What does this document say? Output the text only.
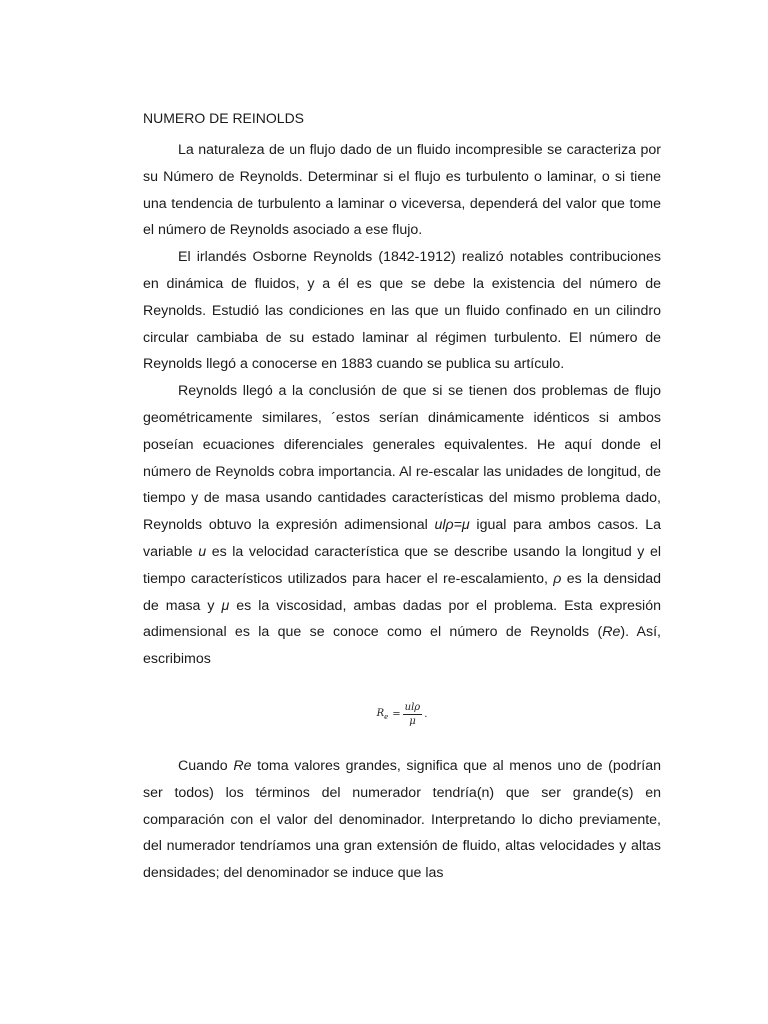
NUMERO DE REINOLDS

La naturaleza de un flujo dado de un fluido incompresible se caracteriza por su Número de Reynolds. Determinar si el flujo es turbulento o laminar, o si tiene una tendencia de turbulento a laminar o viceversa, dependerá del valor que tome el número de Reynolds asociado a ese flujo.

El irlandés Osborne Reynolds (1842-1912) realizó notables contribuciones en dinámica de fluidos, y a él es que se debe la existencia del número de Reynolds. Estudió las condiciones en las que un fluido confinado en un cilindro circular cambiaba de su estado laminar al régimen turbulento. El número de Reynolds llegó a conocerse en 1883 cuando se publica su artículo.

Reynolds llegó a la conclusión de que si se tienen dos problemas de flujo geométricamente similares, ´estos serían dinámicamente idénticos si ambos poseían ecuaciones diferenciales generales equivalentes. He aquí donde el número de Reynolds cobra importancia. Al re-escalar las unidades de longitud, de tiempo y de masa usando cantidades características del mismo problema dado, Reynolds obtuvo la expresión adimensional ulρ=μ igual para ambos casos. La variable u es la velocidad característica que se describe usando la longitud y el tiempo característicos utilizados para hacer el re-escalamiento, ρ es la densidad de masa y μ es la viscosidad, ambas dadas por el problema. Esta expresión adimensional es la que se conoce como el número de Reynolds (Re). Así, escribimos

$R_e = \frac{\text{ulρ}}{\mu}$ .

Cuando Re toma valores grandes, significa que al menos uno de (podrían ser todos) los términos del numerador tendría(n) que ser grande(s) en comparación con el valor del denominador. Interpretando lo dicho previamente, del numerador tendríamos una gran extensión de fluido, altas velocidades y altas densidades; del denominador se induce que las
